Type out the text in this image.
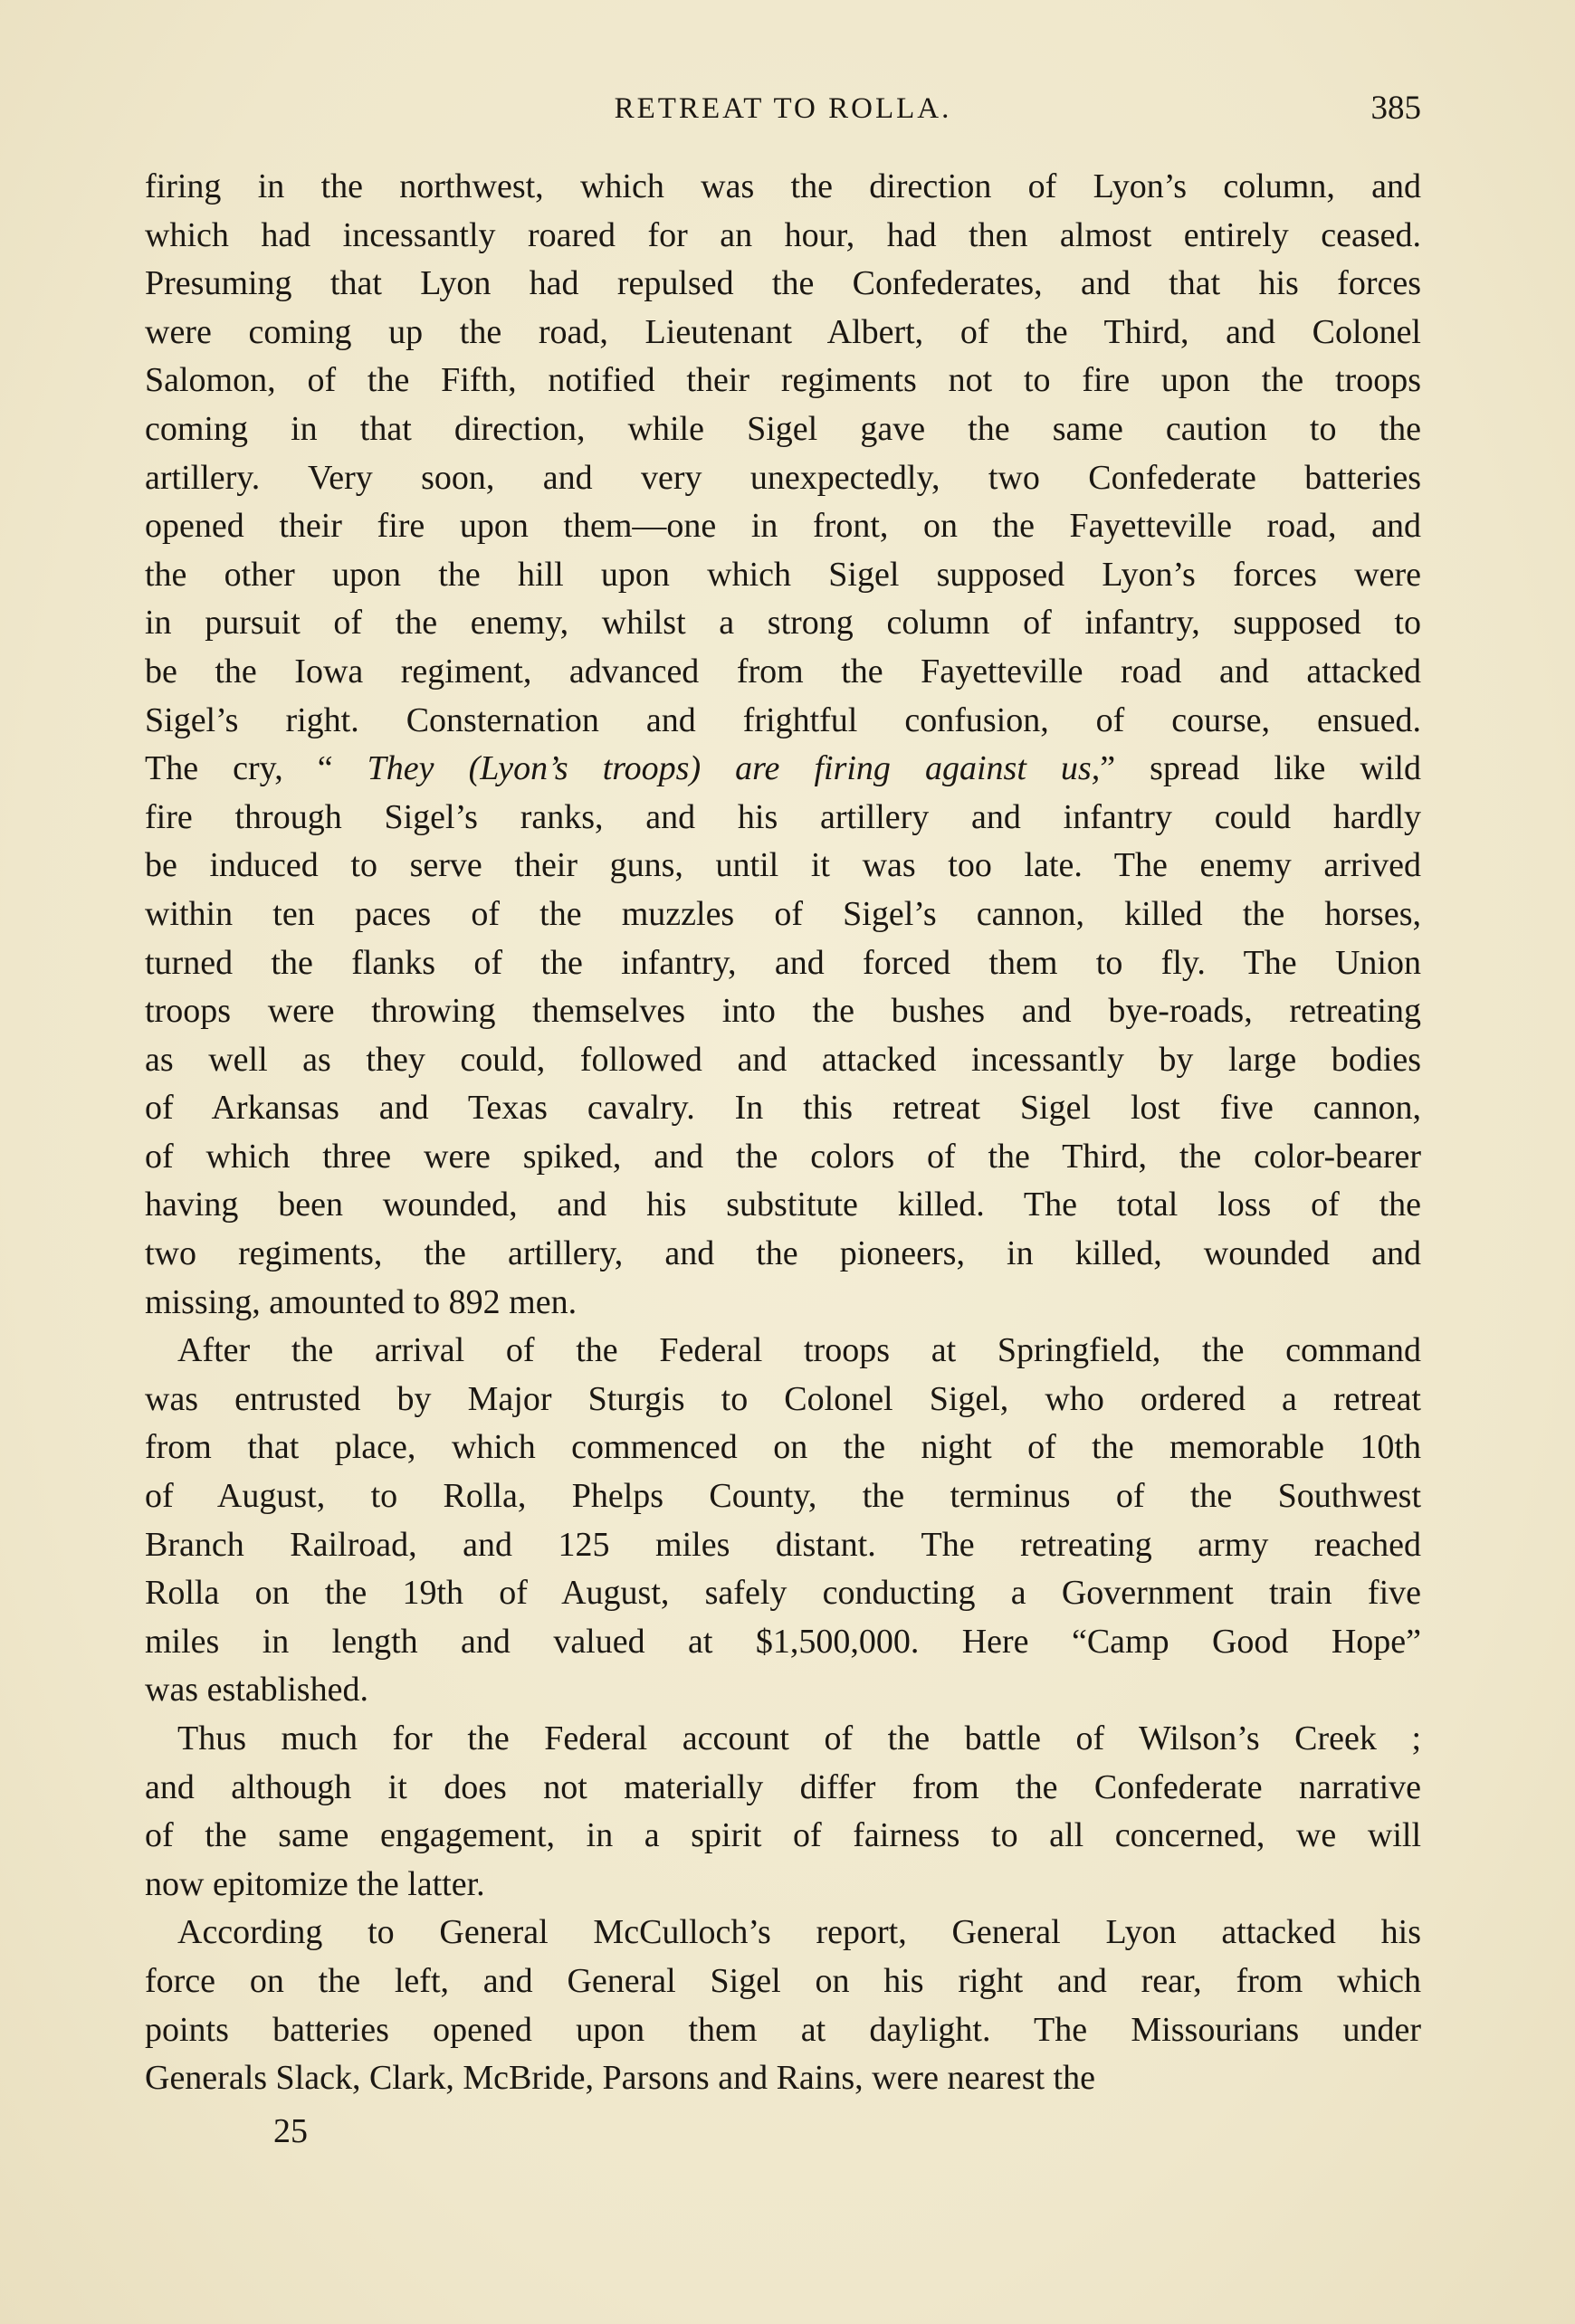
RETREAT TO ROLLA.	385
firing in the northwest, which was the direction of Lyon’s column, and
which had incessantly roared for an hour, had then almost entirely ceased.
Presuming that Lyon had repulsed the Confederates, and that his forces
were coming up the road, Lieutenant Albert, of the Third, and Colonel
Salomon, of the Fifth, notified their regiments not to fire upon the troops
coming in that direction, while Sigel gave the same caution to the
artillery. Very soon, and very unexpectedly, two Confederate batteries
opened their fire upon them—one in front, on the Fayetteville road, and
the other upon the hill upon which Sigel supposed Lyon’s forces were
in pursuit of the enemy, whilst a strong column of infantry, supposed to
be the Iowa regiment, advanced from the Fayetteville road and attacked
Sigel’s right. Consternation and frightful confusion, of course, ensued.
The cry, “ They (Lyon’s troops) are firing against us,” spread like wild
fire through Sigel’s ranks, and his artillery and infantry could hardly
be induced to serve their guns, until it was too late. The enemy arrived
within ten paces of the muzzles of Sigel’s cannon, killed the horses,
turned the flanks of the infantry, and forced them to fly. The Union
troops were throwing themselves into the bushes and bye-roads, retreating
as well as they could, followed and attacked incessantly by large bodies
of Arkansas and Texas cavalry. In this retreat Sigel lost five cannon,
of which three were spiked, and the colors of the Third, the color-bearer
having been wounded, and his substitute killed. The total loss of the
two regiments, the artillery, and the pioneers, in killed, wounded and
missing, amounted to 892 men.
After the arrival of the Federal troops at Springfield, the command
was entrusted by Major Sturgis to Colonel Sigel, who ordered a retreat
from that place, which commenced on the night of the memorable 10th
of August, to Rolla, Phelps County, the terminus of the Southwest
Branch Railroad, and 125 miles distant. The retreating army reached
Rolla on the 19th of August, safely conducting a Government train five
miles in length and valued at $1,500,000. Here “Camp Good Hope”
was established.
Thus much for the Federal account of the battle of Wilson’s Creek ;
and although it does not materially differ from the Confederate narrative
of the same engagement, in a spirit of fairness to all concerned, we will
now epitomize the latter.
According to General McCulloch’s report, General Lyon attacked his
force on the left, and General Sigel on his right and rear, from which
points batteries opened upon them at daylight. The Missourians under
Generals Slack, Clark, McBride, Parsons and Rains, were nearest the
25
